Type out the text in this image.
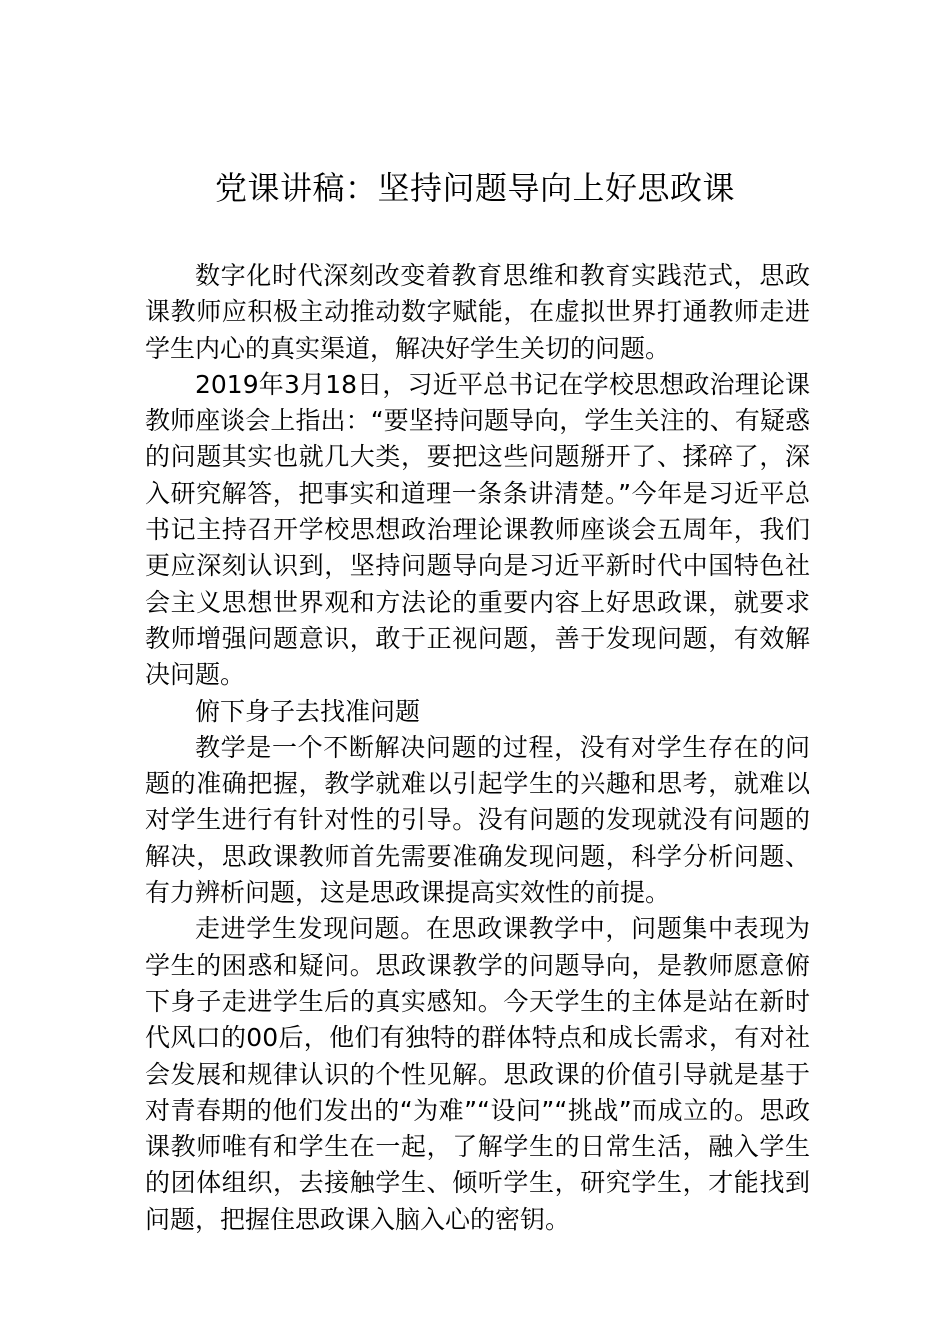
党课讲稿：坚持问题导向上好思政课

数字化时代深刻改变着教育思维和教育实践范式，思政课教师应积极主动推动数字赋能，在虚拟世界打通教师走进学生内心的真实渠道，解决好学生关切的问题。

2019年3月18日，习近平总书记在学校思想政治理论课教师座谈会上指出：“要坚持问题导向，学生关注的、有疑惑的问题其实也就几大类，要把这些问题掰开了、揉碎了，深入研究解答，把事实和道理一条条讲清楚。”今年是习近平总书记主持召开学校思想政治理论课教师座谈会五周年，我们更应深刻认识到，坚持问题导向是习近平新时代中国特色社会主义思想世界观和方法论的重要内容上好思政课，就要求教师增强问题意识，敢于正视问题，善于发现问题，有效解决问题。

俯下身子去找准问题

教学是一个不断解决问题的过程，没有对学生存在的问题的准确把握，教学就难以引起学生的兴趣和思考，就难以对学生进行有针对性的引导。没有问题的发现就没有问题的解决，思政课教师首先需要准确发现问题，科学分析问题、有力辨析问题，这是思政课提高实效性的前提。

走进学生发现问题。在思政课教学中，问题集中表现为学生的困惑和疑问。思政课教学的问题导向，是教师愿意俯下身子走进学生后的真实感知。今天学生的主体是站在新时代风口的00后，他们有独特的群体特点和成长需求，有对社会发展和规律认识的个性见解。思政课的价值引导就是基于对青春期的他们发出的“为难”“设问”“挑战”而成立的。思政课教师唯有和学生在一起，了解学生的日常生活，融入学生的团体组织，去接触学生、倾听学生，研究学生，才能找到问题，把握住思政课入脑入心的密钥。
